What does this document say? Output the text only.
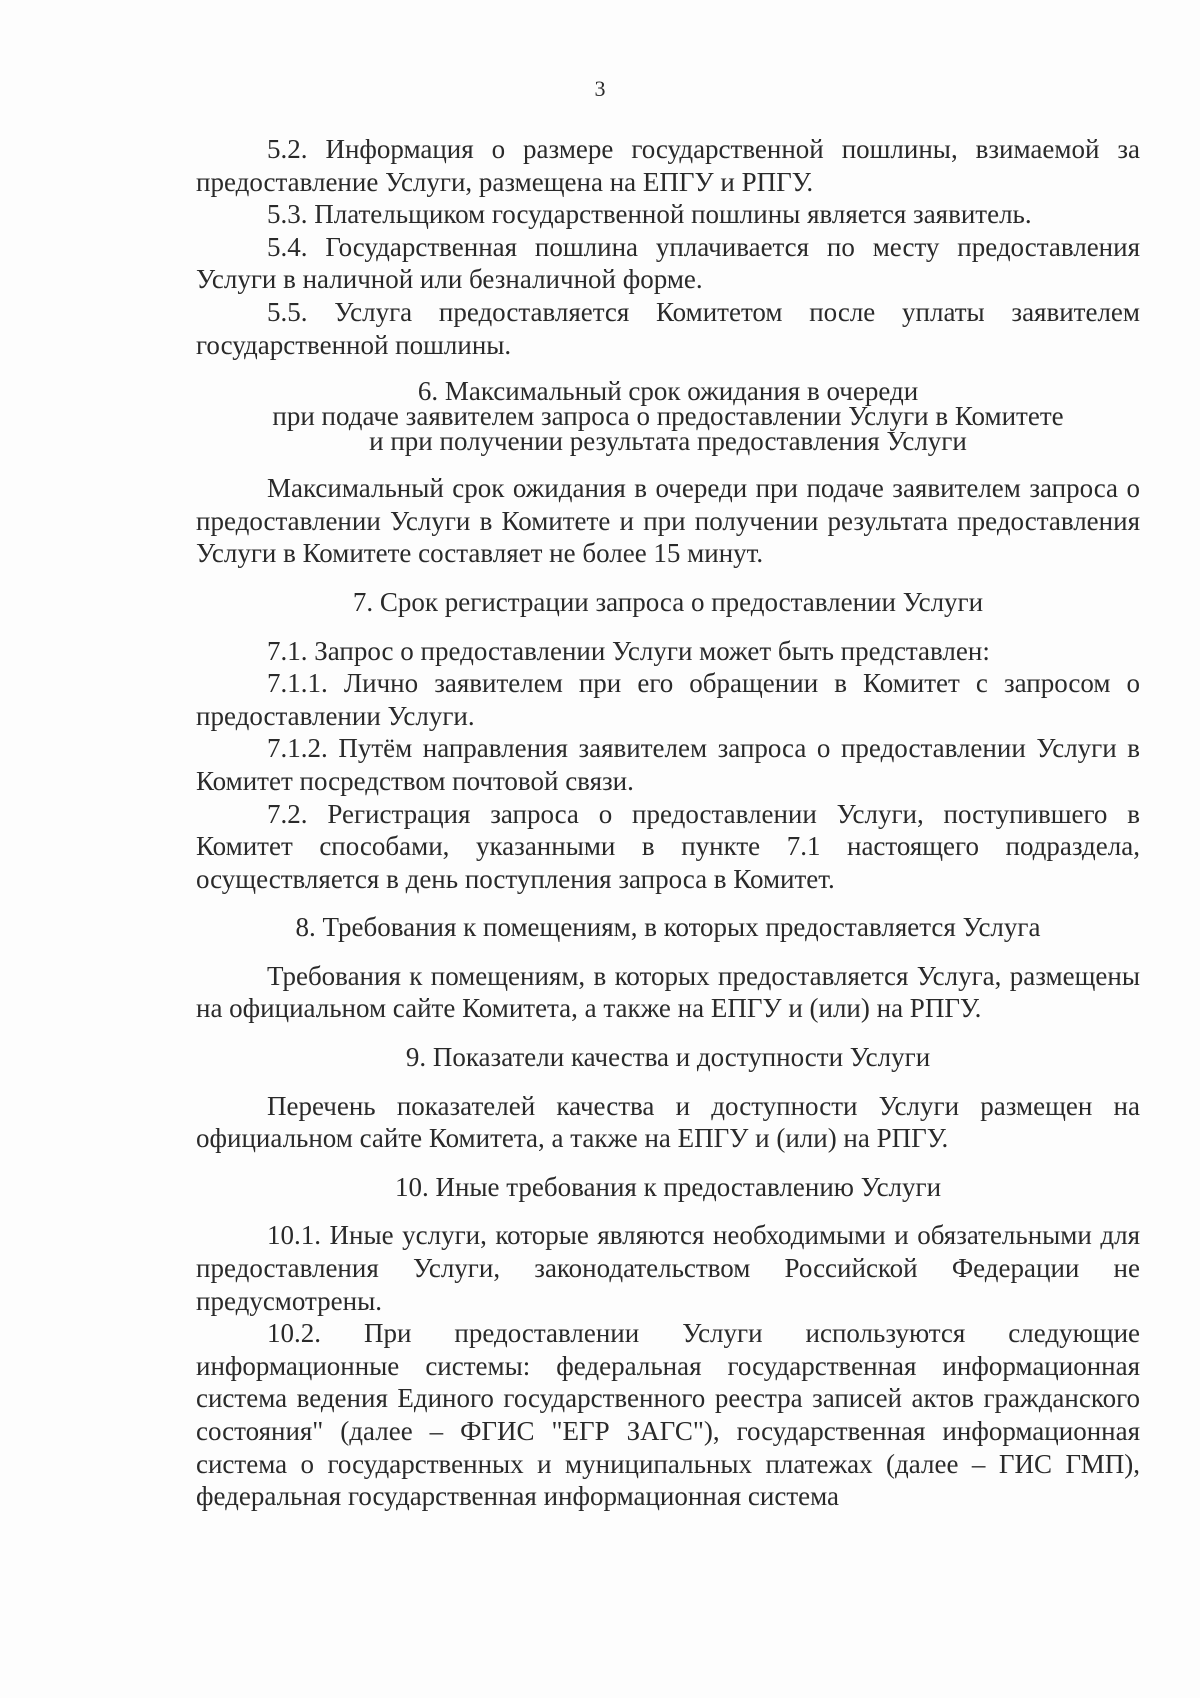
3

5.2. Информация о размере государственной пошлины, взимаемой за предоставление Услуги, размещена на ЕПГУ и РПГУ.

5.3. Плательщиком государственной пошлины является заявитель.

5.4. Государственная пошлина уплачивается по месту предоставления Услуги в наличной или безналичной форме.

5.5. Услуга предоставляется Комитетом после уплаты заявителем государственной пошлины.

6. Максимальный срок ожидания в очереди

при подаче заявителем запроса о предоставлении Услуги в Комитете

и при получении результата предоставления Услуги

Максимальный срок ожидания в очереди при подаче заявителем запроса о предоставлении Услуги в Комитете и при получении результата предоставления Услуги в Комитете составляет не более 15 минут.

7. Срок регистрации запроса о предоставлении Услуги

7.1. Запрос о предоставлении Услуги может быть представлен:

7.1.1. Лично заявителем при его обращении в Комитет с запросом о предоставлении Услуги.

7.1.2. Путём направления заявителем запроса о предоставлении Услуги в Комитет посредством почтовой связи.

7.2. Регистрация запроса о предоставлении Услуги, поступившего в Комитет способами, указанными в пункте 7.1 настоящего подраздела, осуществляется в день поступления запроса в Комитет.

8. Требования к помещениям, в которых предоставляется Услуга

Требования к помещениям, в которых предоставляется Услуга, размещены на официальном сайте Комитета, а также на ЕПГУ и (или) на РПГУ.

9. Показатели качества и доступности Услуги

Перечень показателей качества и доступности Услуги размещен на официальном сайте Комитета, а также на ЕПГУ и (или) на РПГУ.

10. Иные требования к предоставлению Услуги

10.1. Иные услуги, которые являются необходимыми и обязательными для предоставления Услуги, законодательством Российской Федерации не предусмотрены.

10.2. При предоставлении Услуги используются следующие информационные системы: федеральная государственная информационная система ведения Единого государственного реестра записей актов гражданского состояния" (далее – ФГИС "ЕГР ЗАГС"), государственная информационная система о государственных и муниципальных платежах (далее – ГИС ГМП), федеральная государственная информационная система
